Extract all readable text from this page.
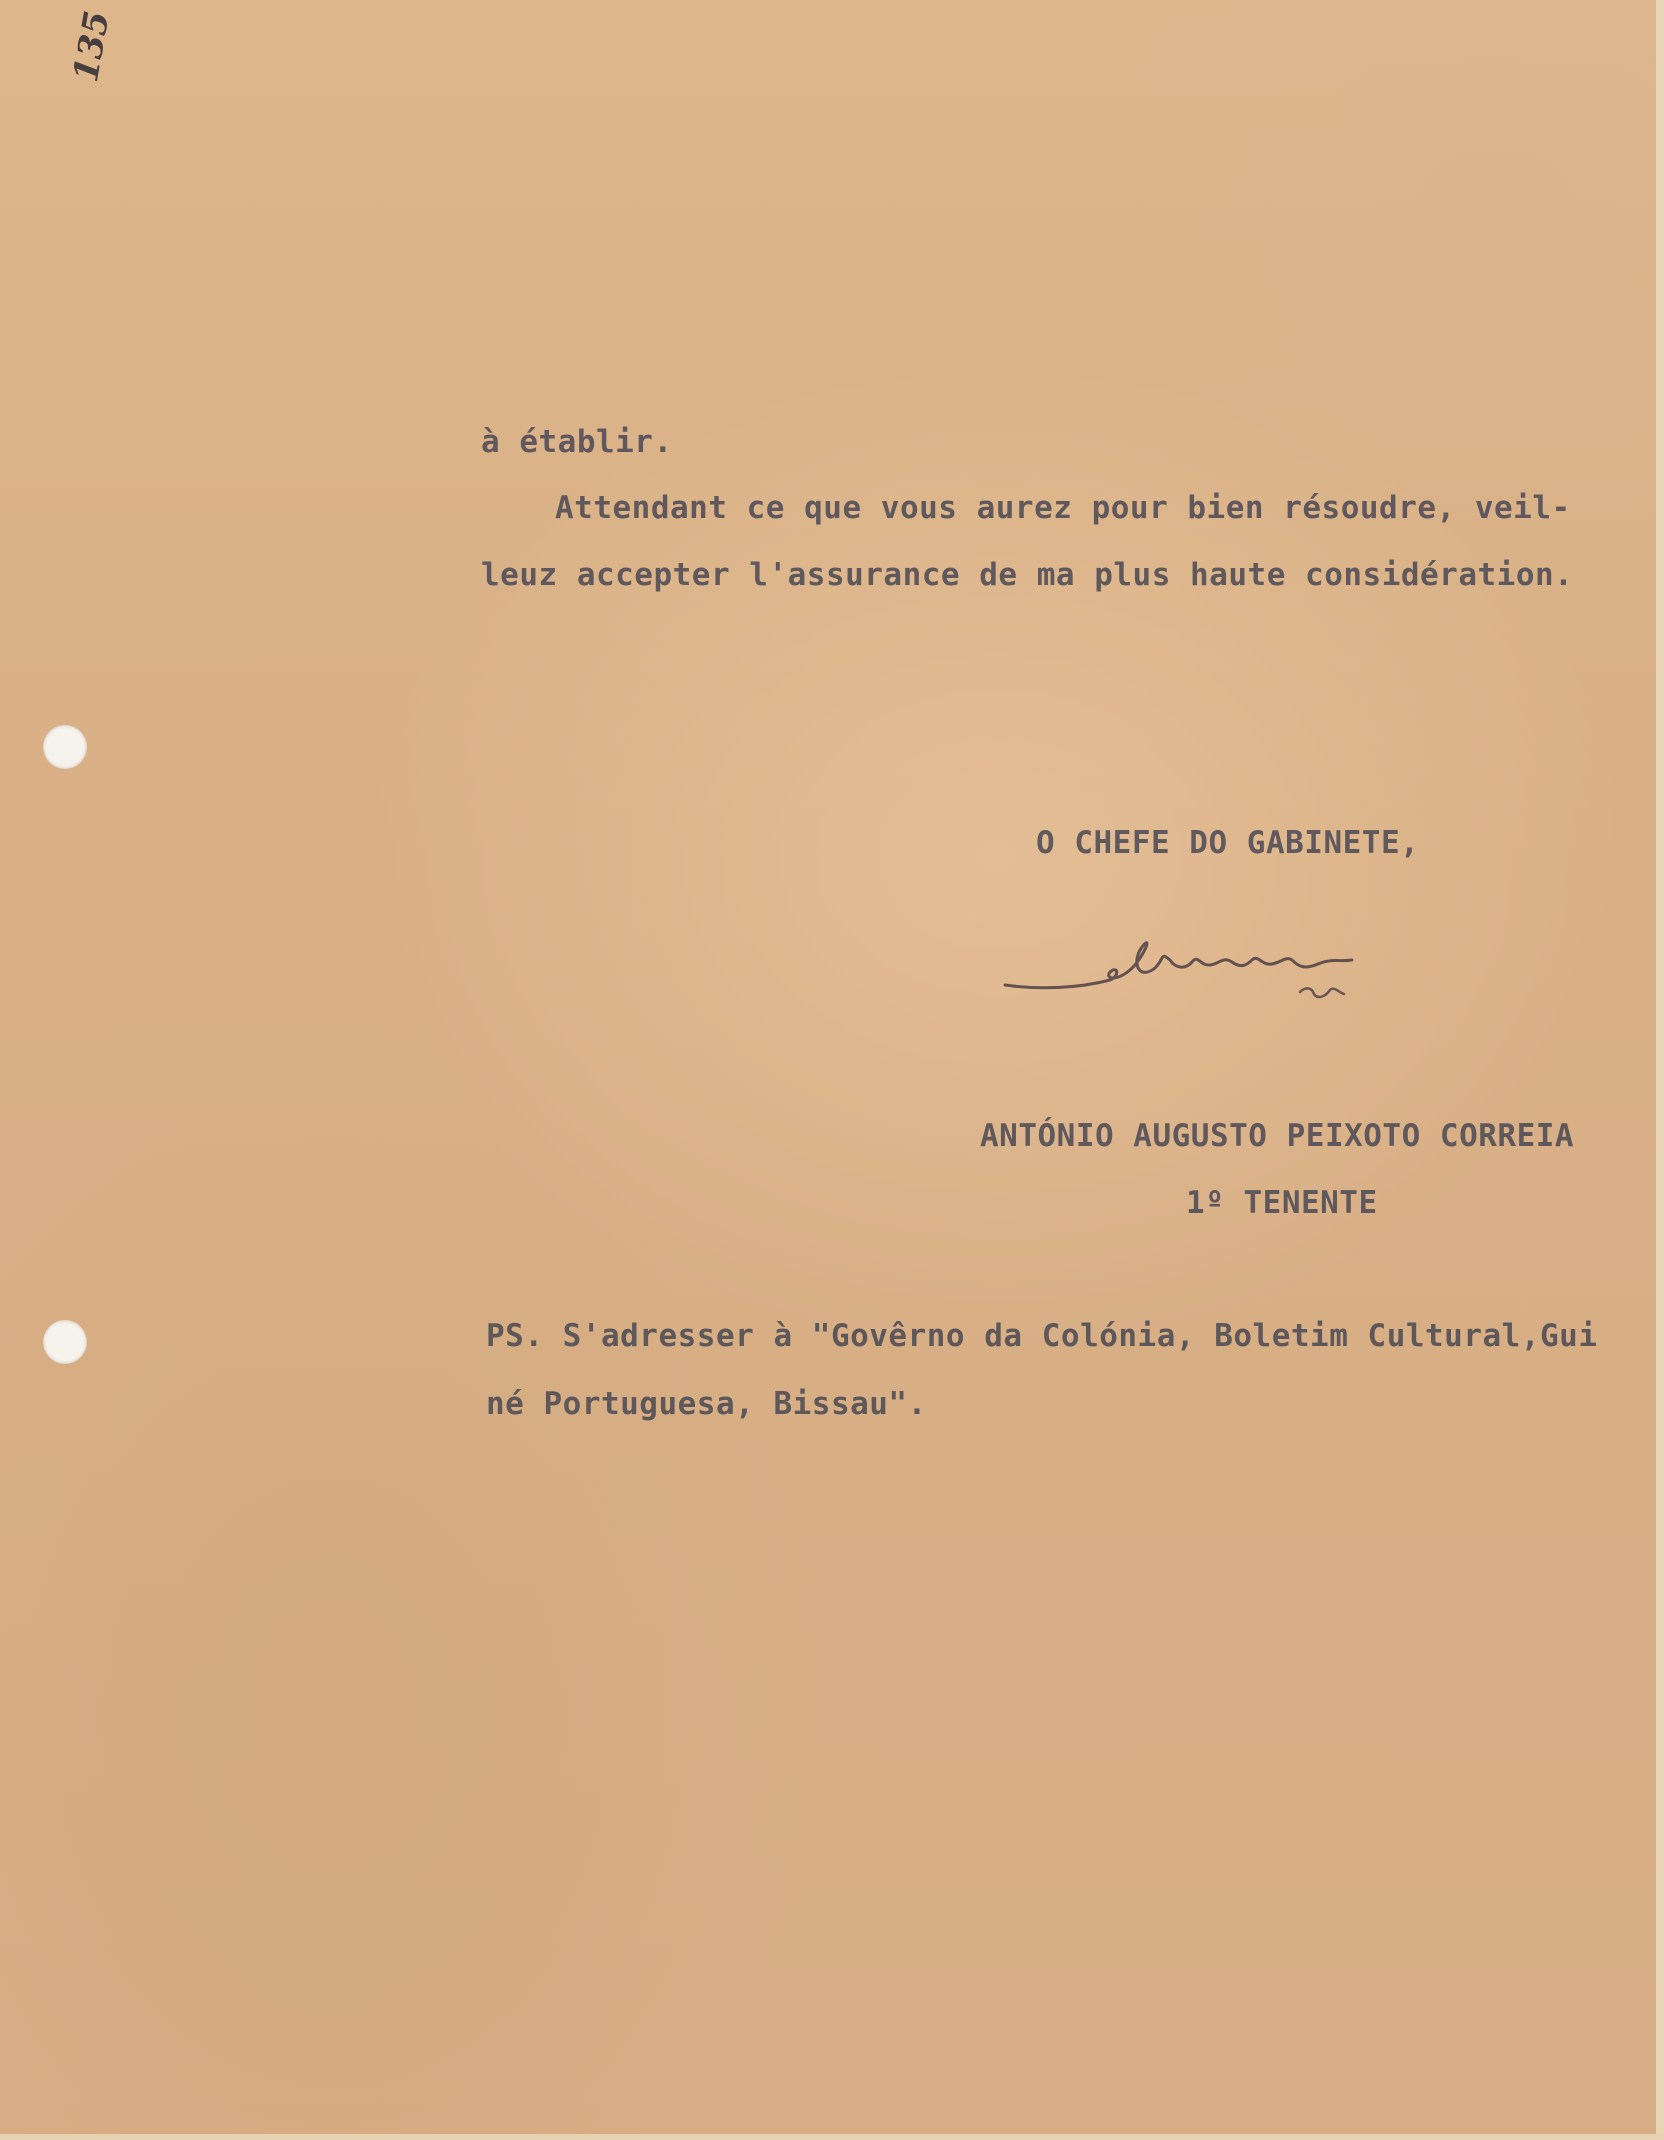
135
à établir.
Attendant ce que vous aurez pour bien résoudre, veil-
leuz accepter l'assurance de ma plus haute considération.
O CHEFE DO GABINETE,
ANTÓNIO AUGUSTO PEIXOTO CORREIA
1º TENENTE
PS. S'adresser à "Govêrno da Colónia, Boletim Cultural,Gui
né Portuguesa, Bissau".
